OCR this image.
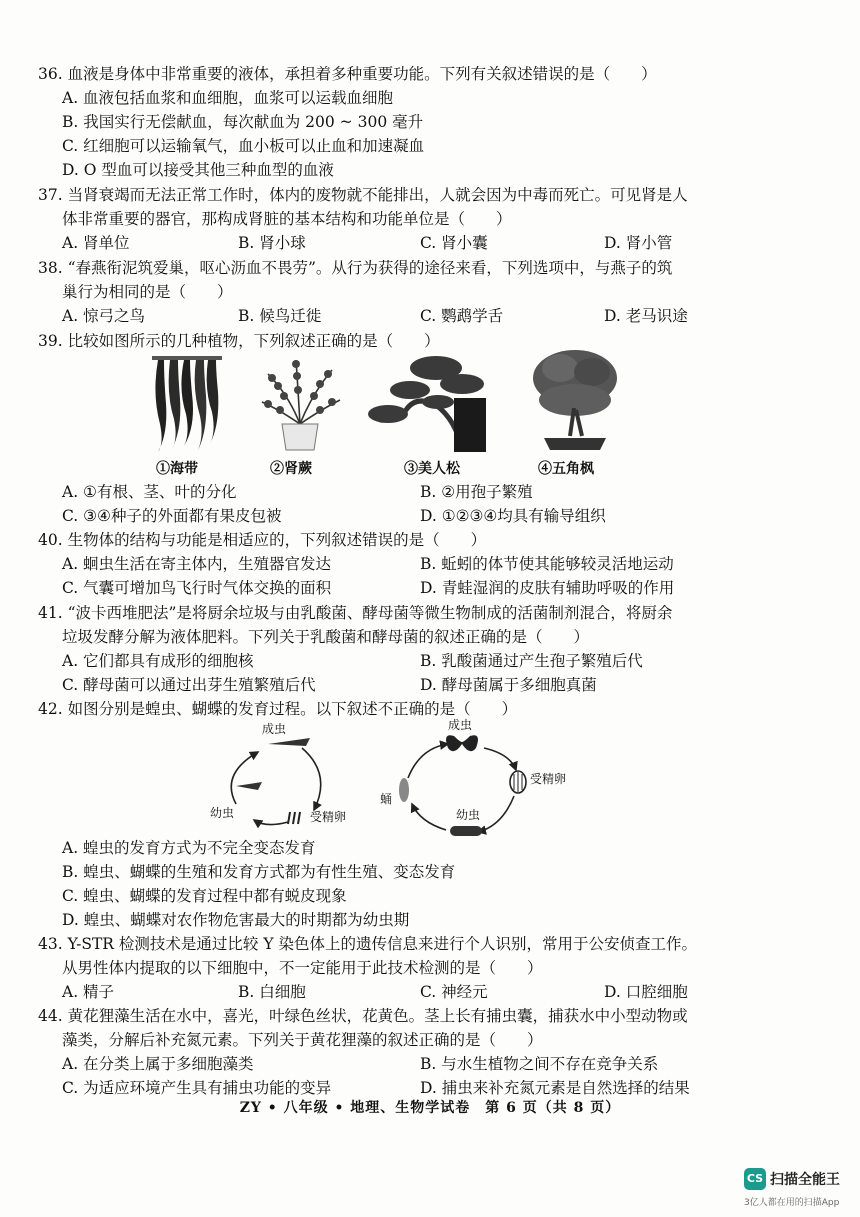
36. 血液是身体中非常重要的液体，承担着多种重要功能。下列有关叙述错误的是（　　）
A. 血液包括血浆和血细胞，血浆可以运载血细胞
B. 我国实行无偿献血，每次献血为 200 ~ 300 毫升
C. 红细胞可以运输氧气，血小板可以止血和加速凝血
D. O 型血可以接受其他三种血型的血液
37. 当肾衰竭而无法正常工作时，体内的废物就不能排出，人就会因为中毒而死亡。可见肾是人
体非常重要的器官，那构成肾脏的基本结构和功能单位是（　　）
A. 肾单位	B. 肾小球	C. 肾小囊	D. 肾小管
38. “春燕衔泥筑爱巢，呕心沥血不畏劳”。从行为获得的途径来看，下列选项中，与燕子的筑
巢行为相同的是（　　）
A. 惊弓之鸟	B. 候鸟迁徙	C. 鹦鹉学舌	D. 老马识途
39. 比较如图所示的几种植物，下列叙述正确的是（　　）
①海带	②肾蕨	③美人松	④五角枫
A. ①有根、茎、叶的分化	B. ②用孢子繁殖
C. ③④种子的外面都有果皮包被	D. ①②③④均具有输导组织
40. 生物体的结构与功能是相适应的，下列叙述错误的是（　　）
A. 蛔虫生活在寄主体内，生殖器官发达	B. 蚯蚓的体节使其能够较灵活地运动
C. 气囊可增加鸟飞行时气体交换的面积	D. 青蛙湿润的皮肤有辅助呼吸的作用
41. “波卡西堆肥法”是将厨余垃圾与由乳酸菌、酵母菌等微生物制成的活菌制剂混合，将厨余
垃圾发酵分解为液体肥料。下列关于乳酸菌和酵母菌的叙述正确的是（　　）
A. 它们都具有成形的细胞核	B. 乳酸菌通过产生孢子繁殖后代
C. 酵母菌可以通过出芽生殖繁殖后代	D. 酵母菌属于多细胞真菌
42. 如图分别是蝗虫、蝴蝶的发育过程。以下叙述不正确的是（　　）
成虫
幼虫	受精卵
成虫
蛹
幼虫
受精卵
A. 蝗虫的发育方式为不完全变态发育
B. 蝗虫、蝴蝶的生殖和发育方式都为有性生殖、变态发育
C. 蝗虫、蝴蝶的发育过程中都有蜕皮现象
D. 蝗虫、蝴蝶对农作物危害最大的时期都为幼虫期
43. Y-STR 检测技术是通过比较 Y 染色体上的遗传信息来进行个人识别，常用于公安侦查工作。
从男性体内提取的以下细胞中，不一定能用于此技术检测的是（　　）
A. 精子	B. 白细胞	C. 神经元	D. 口腔细胞
44. 黄花狸藻生活在水中，喜光，叶绿色丝状，花黄色。茎上长有捕虫囊，捕获水中小型动物或
藻类，分解后补充氮元素。下列关于黄花狸藻的叙述正确的是（　　）
A. 在分类上属于多细胞藻类	B. 与水生植物之间不存在竞争关系
C. 为适应环境产生具有捕虫功能的变异	D. 捕虫来补充氮元素是自然选择的结果
ZY • 八年级 • 地理、生物学试卷　第 6 页（共 8 页）
CS 扫描全能王
3亿人都在用的扫描App
